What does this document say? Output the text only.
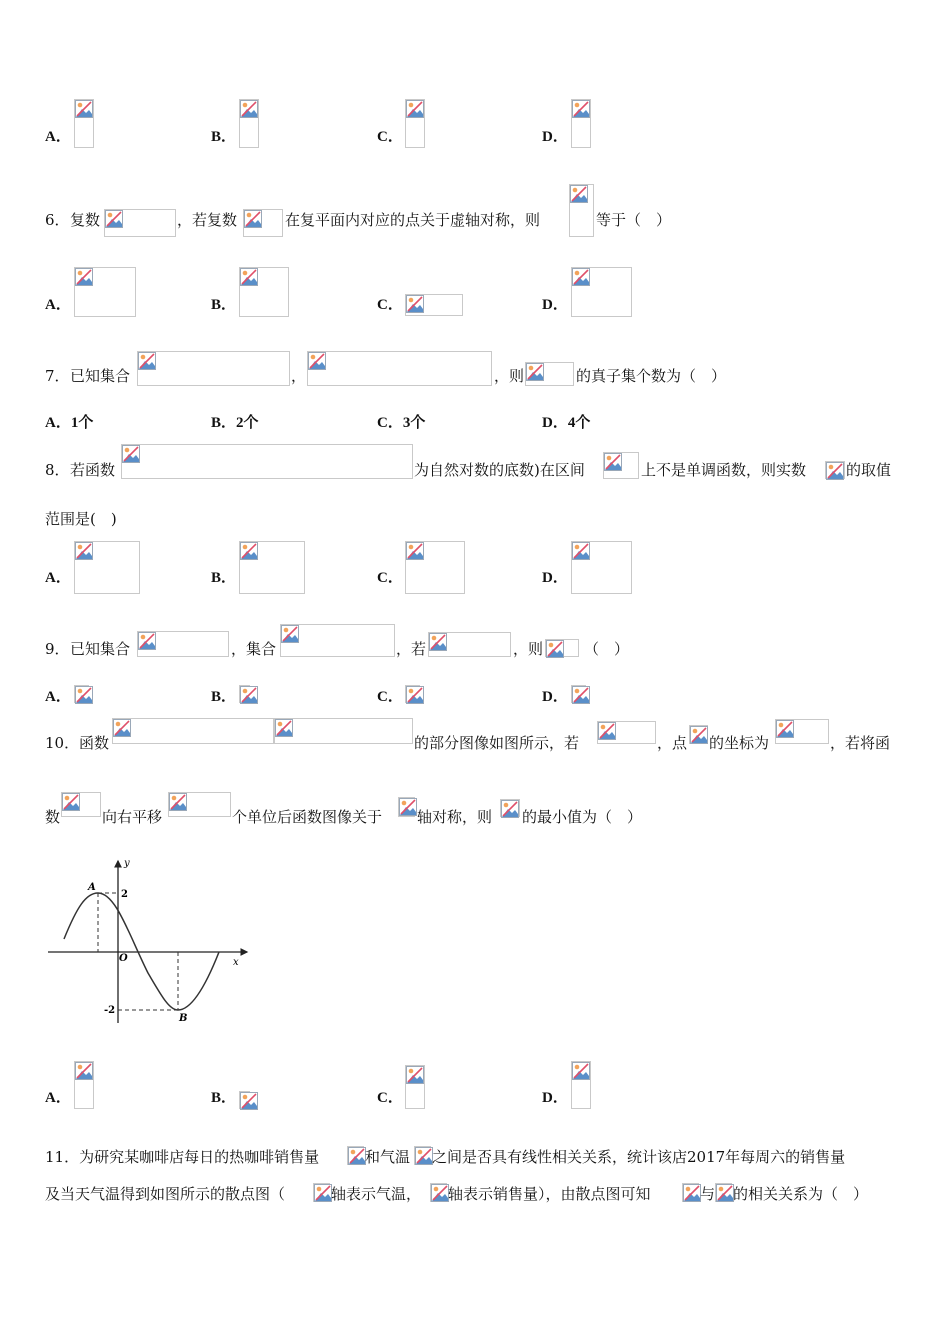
A．	B．	C．	D．
6． 复数	，若复数	在复平面内对应的点关于虚轴对称，则	等于（　）
A．	B．	C．	D．
7． 已知集合	，	，则	的真子集个数为（　）
A．1个	B．2个	C．3个	D．4个
8． 若函数	为自然对数的底数)在区间	上不是单调函数，则实数	的取值
范围是(　)
A．	B．	C．	D．
9． 已知集合	，集合	，若	，则	（　）
A．	B．	C．	D．
10． 函数	的部分图像如图所示，若	，点 的坐标为	，若将函
数	向右平移	个单位后函数图像关于 轴对称，则 的最小值为（　）
y
x
O
A
B
2
-2
A．	B．	C．	D．
11．为研究某咖啡店每日的热咖啡销售量	和气温 之间是否具有线性相关关系，统计该店2017年每周六的销售量
及当天气温得到如图所示的散点图（	轴表示气温， 轴表示销售量），由散点图可知	与 的相关关系为（　）
